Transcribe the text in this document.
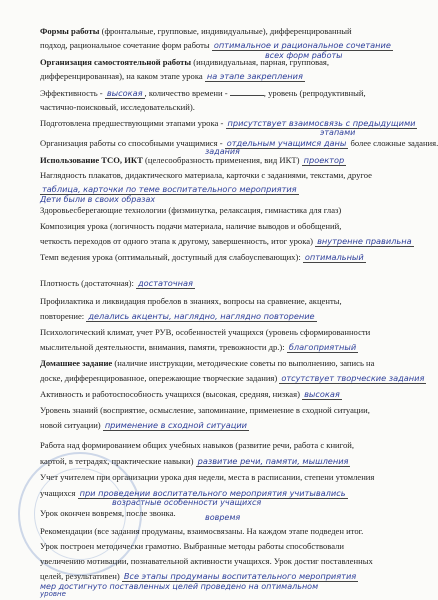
Формы работы (фронтальные, групповые, индивидуальные), дифференцированный
подход, рациональное сочетание форм работы оптимальное и рациональное сочетание
всех форм работы
Организация самостоятельной работы (индивидуальная, парная, групповая,
дифференцированная), на каком этапе урока на этапе закрепления
Эффективность - высокая , количество времени -	, уровень (репродуктивный,
частично-поисковый, исследовательский).
Подготовлена предшествующими этапами урока - присутствует взаимосвязь с предыдущими
этапами
Организация работы со способными учащимися - отдельным учащимся даны более сложные задания.
задания
Использование ТСО, ИКТ (целесообразность применения, вид ИКТ) проектор
Наглядность плакатов, дидактического материала, карточки с заданиями, текстами, другое
таблица, карточки по теме воспитательного мероприятия
Дети были в своих образах
Здоровьесберегающие технологии (физминутка, релаксация, гимнастика для глаз)
Композиция урока (логичность подачи материала, наличие выводов и обобщений,
четкость переходов от одного этапа к другому, завершенность, итог урока) внутренне правильна
Темп ведения урока (оптимальный, доступный для слабоуспевающих): оптимальный
Плотность (достаточная): достаточная
Профилактика и ликвидация пробелов в знаниях, вопросы на сравнение, акценты,
повторение: делались акценты, наглядно, наглядно повторение
Психологический климат, учет РУВ, особенностей учащихся (уровень сформированности
мыслительной деятельности, внимания, памяти, тревожности др.): благоприятный
Домашнее задание (наличие инструкции, методические советы по выполнению, запись на
доске, дифференцированное, опережающие творческие задания) отсутствует творческие задания
Активность и работоспособность учащихся (высокая, средняя, низкая) высокая
Уровень знаний (восприятие, осмысление, запоминание, применение в сходной ситуации,
новой ситуации) применение в сходной ситуации
Работа над формированием общих учебных навыков (развитие речи, работа с книгой,
картой, в тетрадях, практические навыки) развитие речи, памяти, мышления
Учет учителем при организации урока дня недели, места в расписании, степени утомления
учащихся при проведении воспитательного мероприятия учитывались
возрастные особенности учащихся
Урок окончен вовремя, после звонка.	вовремя
Рекомендации (все задания продуманы, взаимосвязаны. На каждом этапе подведен итог.
Урок построен методически грамотно. Выбранные методы работы способствовали
увеличению мотивации, познавательной активности учащихся. Урок достиг поставленных
целей, результативен) Все этапы продуманы воспитательного мероприятия
мер достигнуто поставленных целей проведено на оптимальном
уровне
